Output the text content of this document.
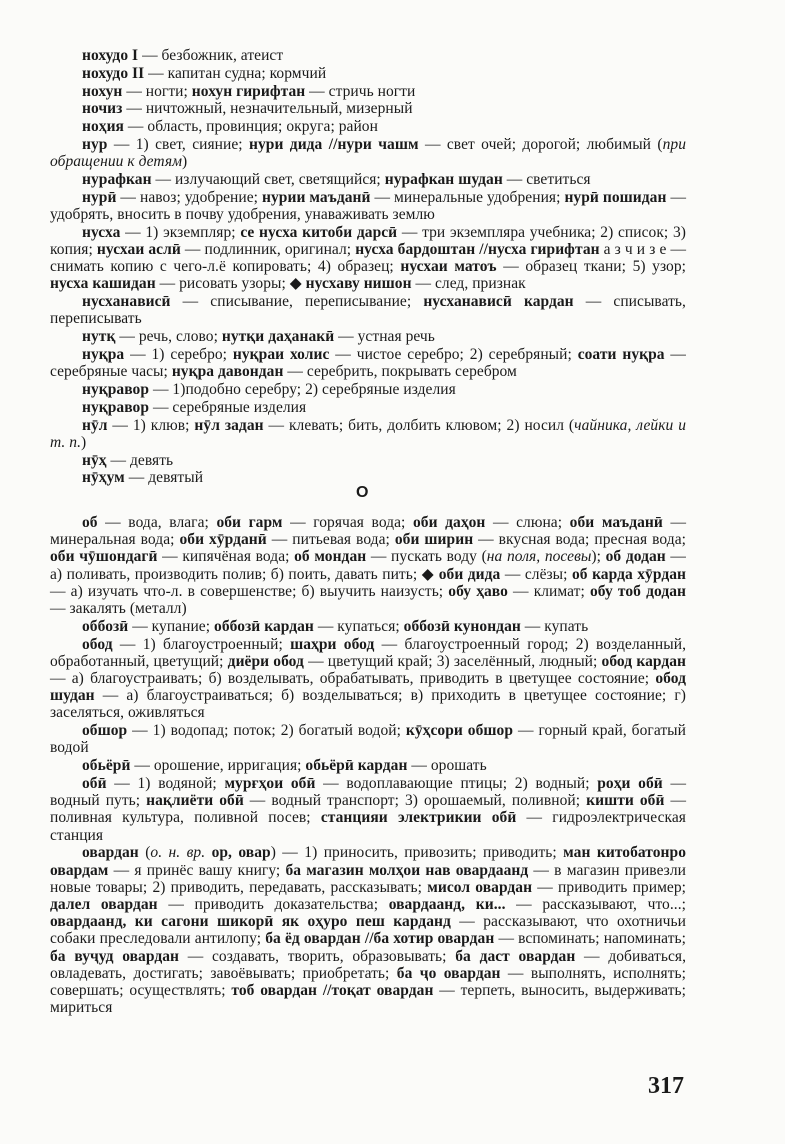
нохудо I — безбожник, атеист

нохудо II — капитан судна; кормчий

нохун — ногти; нохун гирифтан — стричь ногти

ночиз — ничтожный, незначительный, мизерный

ноҳия — область, провинция; округа; район

нур — 1) свет, сияние; нури дида //нури чашм — свет очей; дорогой; любимый (при обращении к детям)

нурафкан — излучающий свет, светящийся; нурафкан шудан — светиться

нурӣ — навоз; удобрение; нурии маъданӣ — минеральные удобрения; нурӣ пошидан — удобрять, вносить в почву удобрения, унаваживать землю

нусха — 1) экземпляр; се нусха китоби дарсӣ — три экземпляра учебника; 2) список; 3) копия; нусхаи аслӣ — подлинник, оригинал; нусха бардоштан //нусха гирифтан а з ч и з е — снимать копию с чего-л.ё копировать; 4) образец; нусхаи матоъ — образец ткани; 5) узор; нусха кашидан — рисовать узоры; ◆ нусхаву нишон — след, признак

нусханависӣ — списывание, переписывание; нусханависӣ кардан — списывать, переписывать

нутқ — речь, слово; нутқи даҳанакӣ — устная речь

нуқра — 1) серебро; нуқраи холис — чистое серебро; 2) серебряный; соати нуқра — серебряные часы; нуқра давондан — серебрить, покрывать серебром

нуқравор — 1)подобно серебру; 2) серебряные изделия

нуқравор — серебряные изделия

нӯл — 1) клюв; нӯл задан — клевать; бить, долбить клювом; 2) носил (чайника, лейки и т. п.)

нӯҳ — девять

нӯҳум — девятый

О

об — вода, влага; оби гарм — горячая вода; оби даҳон — слюна; оби маъданӣ — минеральная вода; оби хӯрданӣ — питьевая вода; оби ширин — вкусная вода; пресная вода; оби чӯшондагӣ — кипячёная вода; об мондан — пускать воду (на поля, посевы); об додан — а) поливать, производить полив; б) поить, давать пить; ◆ оби дида — слёзы; об карда хӯрдан — а) изучать что-л. в совершенстве; б) выучить наизусть; обу ҳаво — климат; обу тоб додан — закалять (металл)

оббозӣ — купание; оббозӣ кардан — купаться; оббозӣ кунондан — купать

обод — 1) благоустроенный; шаҳри обод — благоустроенный город; 2) возделанный, обработанный, цветущий; диёри обод — цветущий край; 3) заселённый, людный; обод кардан — а) благоустраивать; б) возделывать, обрабатывать, приводить в цветущее состояние; обод шудан — а) благоустраиваться; б) возделываться; в) приходить в цветущее состояние; г) заселяться, оживляться

обшор — 1) водопад; поток; 2) богатый водой; кӯҳсори обшор — горный край, богатый водой

обьёрӣ — орошение, ирригация; обьёрӣ кардан — орошать

обӣ — 1) водяной; мурғҳои обӣ — водоплавающие птицы; 2) водный; роҳи обӣ — водный путь; нақлиёти обӣ — водный транспорт; 3) орошаемый, поливной; кишти обӣ — поливная культура, поливной посев; станцияи электрикии обӣ — гидроэлектрическая станция

овардан (о. н. вр. ор, овар) — 1) приносить, привозить; приводить; ман китобатонро овардам — я принёс вашу книгу; ба магазин молҳои нав овардаанд — в магазин привезли новые товары; 2) приводить, передавать, рассказывать; мисол овардан — приводить пример; далел овардан — приводить доказательства; овардаанд, ки... — рассказывают, что...; овардаанд, ки сагони шикорӣ як оҳуро пеш карданд — рассказывают, что охотничьи собаки преследовали антилопу; ба ёд овардан //ба хотир овардан — вспоминать; напоминать; ба вуҷуд овардан — создавать, творить, образовывать; ба даст овардан — добиваться, овладевать, достигать; завоёвывать; приобретать; ба ҷо овардан — выполнять, исполнять; совершать; осуществлять; тоб овардан //тоқат овардан — терпеть, выносить, выдерживать; мириться

317
